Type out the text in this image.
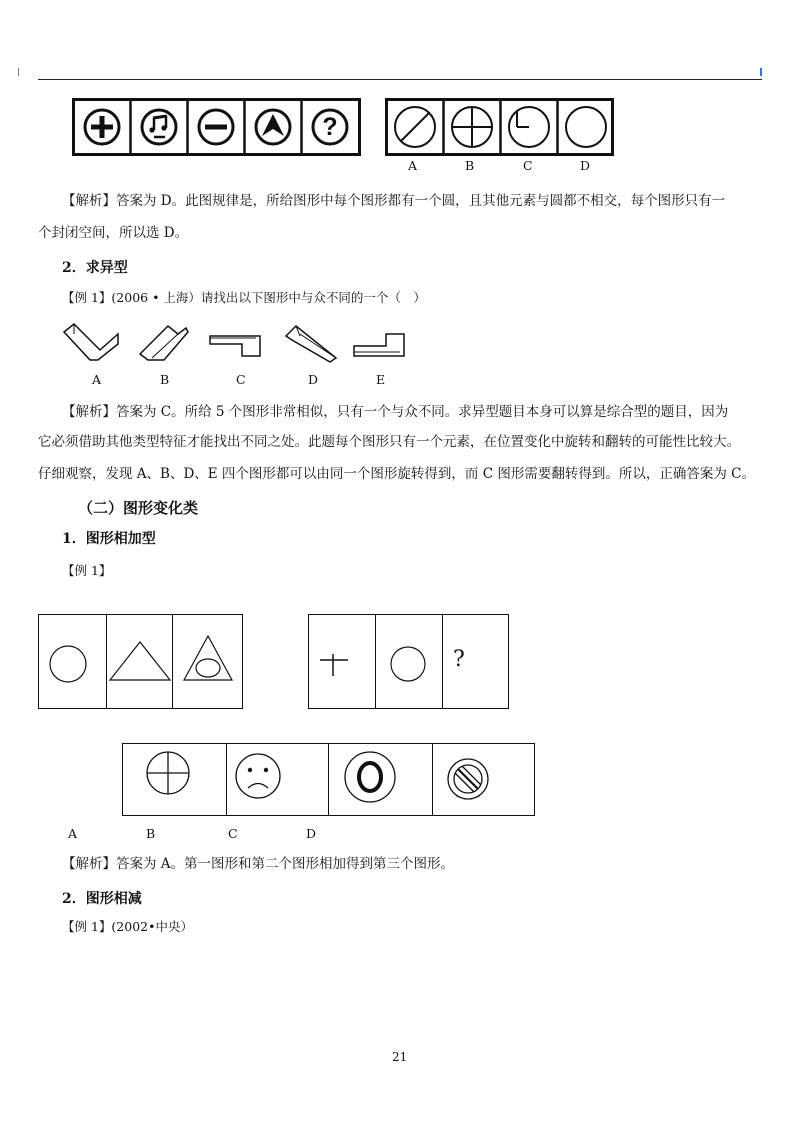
?
A	B	C	D

【解析】答案为 D。此图规律是，所给图形中每个图形都有一个圆，且其他元素与圆都不相交，每个图形只有一

个封闭空间，所以选 D。

2．求异型
【例 1】(2006 • 上海）请找出以下图形中与众不同的一个（　）
A	B	C	D	E
【解析】答案为 C。所给 5 个图形非常相似，只有一个与众不同。求异型题目本身可以算是综合型的题目，因为
它必须借助其他类型特征才能找出不同之处。此题每个图形只有一个元素，在位置变化中旋转和翻转的可能性比较大。
仔细观察，发现 A、B、D、E 四个图形都可以由同一个图形旋转得到，而 C 图形需要翻转得到。所以，正确答案为 C。
（二）图形变化类
1．图形相加型
【例 1】
?
A	B	C	D
【解析】答案为 A。第一图形和第二个图形相加得到第三个图形。
2．图形相减
【例 1】(2002•中央）
21
